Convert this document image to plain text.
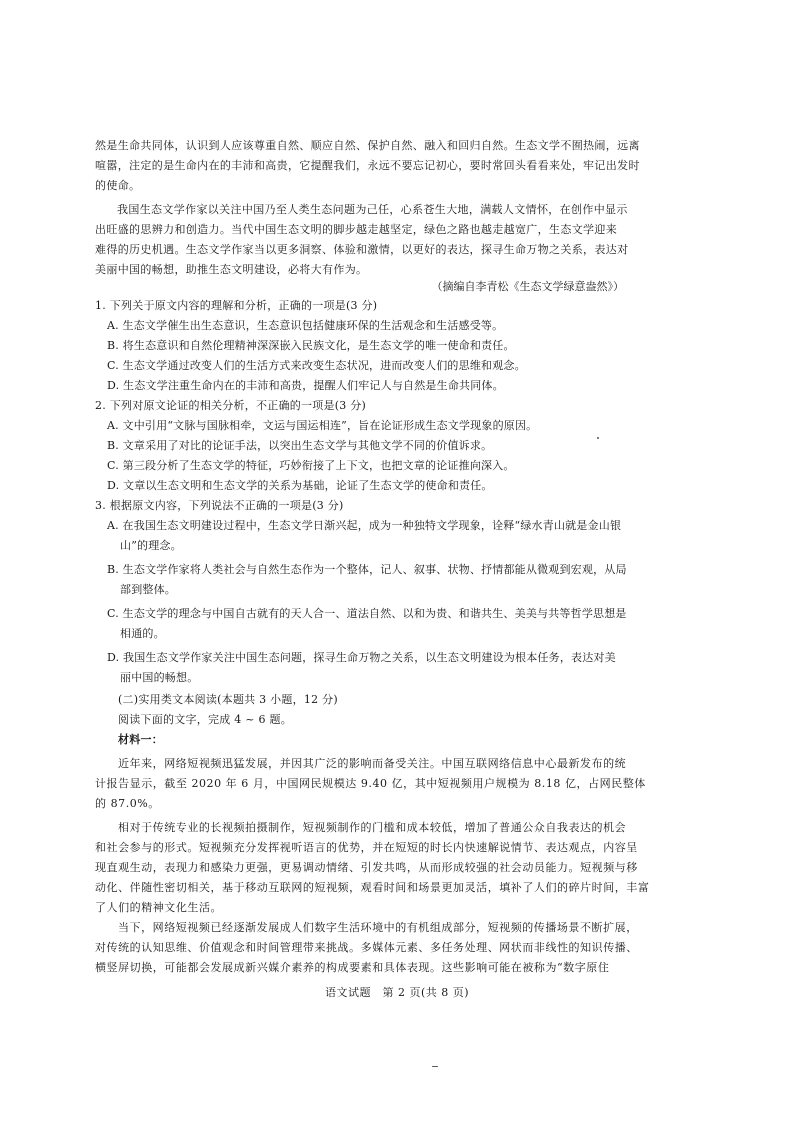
然是生命共同体，认识到人应该尊重自然、顺应自然、保护自然、融入和回归自然。生态文学不囿热闹，远离
喧嚣，注定的是生命内在的丰沛和高贵，它提醒我们，永远不要忘记初心，要时常回头看看来处，牢记出发时
的使命。
我国生态文学作家以关注中国乃至人类生态问题为己任，心系苍生大地，满载人文情怀，在创作中显示
出旺盛的思辨力和创造力。当代中国生态文明的脚步越走越坚定，绿色之路也越走越宽广，生态文学迎来
难得的历史机遇。生态文学作家当以更多洞察、体验和激情，以更好的表达，探寻生命万物之关系，表达对
美丽中国的畅想，助推生态文明建设，必将大有作为。
（摘编自李青松《生态文学绿意盎然》）
1. 下列关于原文内容的理解和分析，正确的一项是(3 分)
A. 生态文学催生出生态意识，生态意识包括健康环保的生活观念和生活感受等。
B. 将生态意识和自然伦理精神深深嵌入民族文化，是生态文学的唯一使命和责任。
C. 生态文学通过改变人们的生活方式来改变生态状况，进而改变人们的思维和观念。
D. 生态文学注重生命内在的丰沛和高贵，提醒人们牢记人与自然是生命共同体。
2. 下列对原文论证的相关分析，不正确的一项是(3 分)
A. 文中引用“文脉与国脉相牵，文运与国运相连”，旨在论证形成生态文学现象的原因。
B. 文章采用了对比的论证手法，以突出生态文学与其他文学不同的价值诉求。
C. 第三段分析了生态文学的特征，巧妙衔接了上下文，也把文章的论证推向深入。
D. 文章以生态文明和生态文学的关系为基础，论证了生态文学的使命和责任。
3. 根据原文内容，下列说法不正确的一项是(3 分)
A. 在我国生态文明建设过程中，生态文学日渐兴起，成为一种独特文学现象，诠释“绿水青山就是金山银
山”的理念。
B. 生态文学作家将人类社会与自然生态作为一个整体，记人、叙事、状物、抒情都能从微观到宏观，从局
部到整体。
C. 生态文学的理念与中国自古就有的天人合一、道法自然、以和为贵、和谐共生、美美与共等哲学思想是
相通的。
D. 我国生态文学作家关注中国生态问题，探寻生命万物之关系，以生态文明建设为根本任务，表达对美
丽中国的畅想。
(二)实用类文本阅读(本题共 3 小题，12 分)
阅读下面的文字，完成 4 ~ 6 题。
材料一：
近年来，网络短视频迅猛发展，并因其广泛的影响而备受关注。中国互联网络信息中心最新发布的统
计报告显示，截至 2020 年 6 月，中国网民规模达 9.40 亿，其中短视频用户规模为 8.18 亿，占网民整体
的 87.0%。
相对于传统专业的长视频拍摄制作，短视频制作的门槛和成本较低，增加了普通公众自我表达的机会
和社会参与的形式。短视频充分发挥视听语言的优势，并在短短的时长内快速解说情节、表达观点，内容呈
现直观生动，表现力和感染力更强，更易调动情绪、引发共鸣，从而形成较强的社会动员能力。短视频与移
动化、伴随性密切相关，基于移动互联网的短视频，观看时间和场景更加灵活，填补了人们的碎片时间，丰富
了人们的精神文化生活。
当下，网络短视频已经逐渐发展成人们数字生活环境中的有机组成部分，短视频的传播场景不断扩展，
对传统的认知思维、价值观念和时间管理带来挑战。多媒体元素、多任务处理、网状而非线性的知识传播、
横竖屏切换，可能都会发展成新兴媒介素养的构成要素和具体表现。这些影响可能在被称为“数字原住
语文试题　第 2 页(共 8 页)
